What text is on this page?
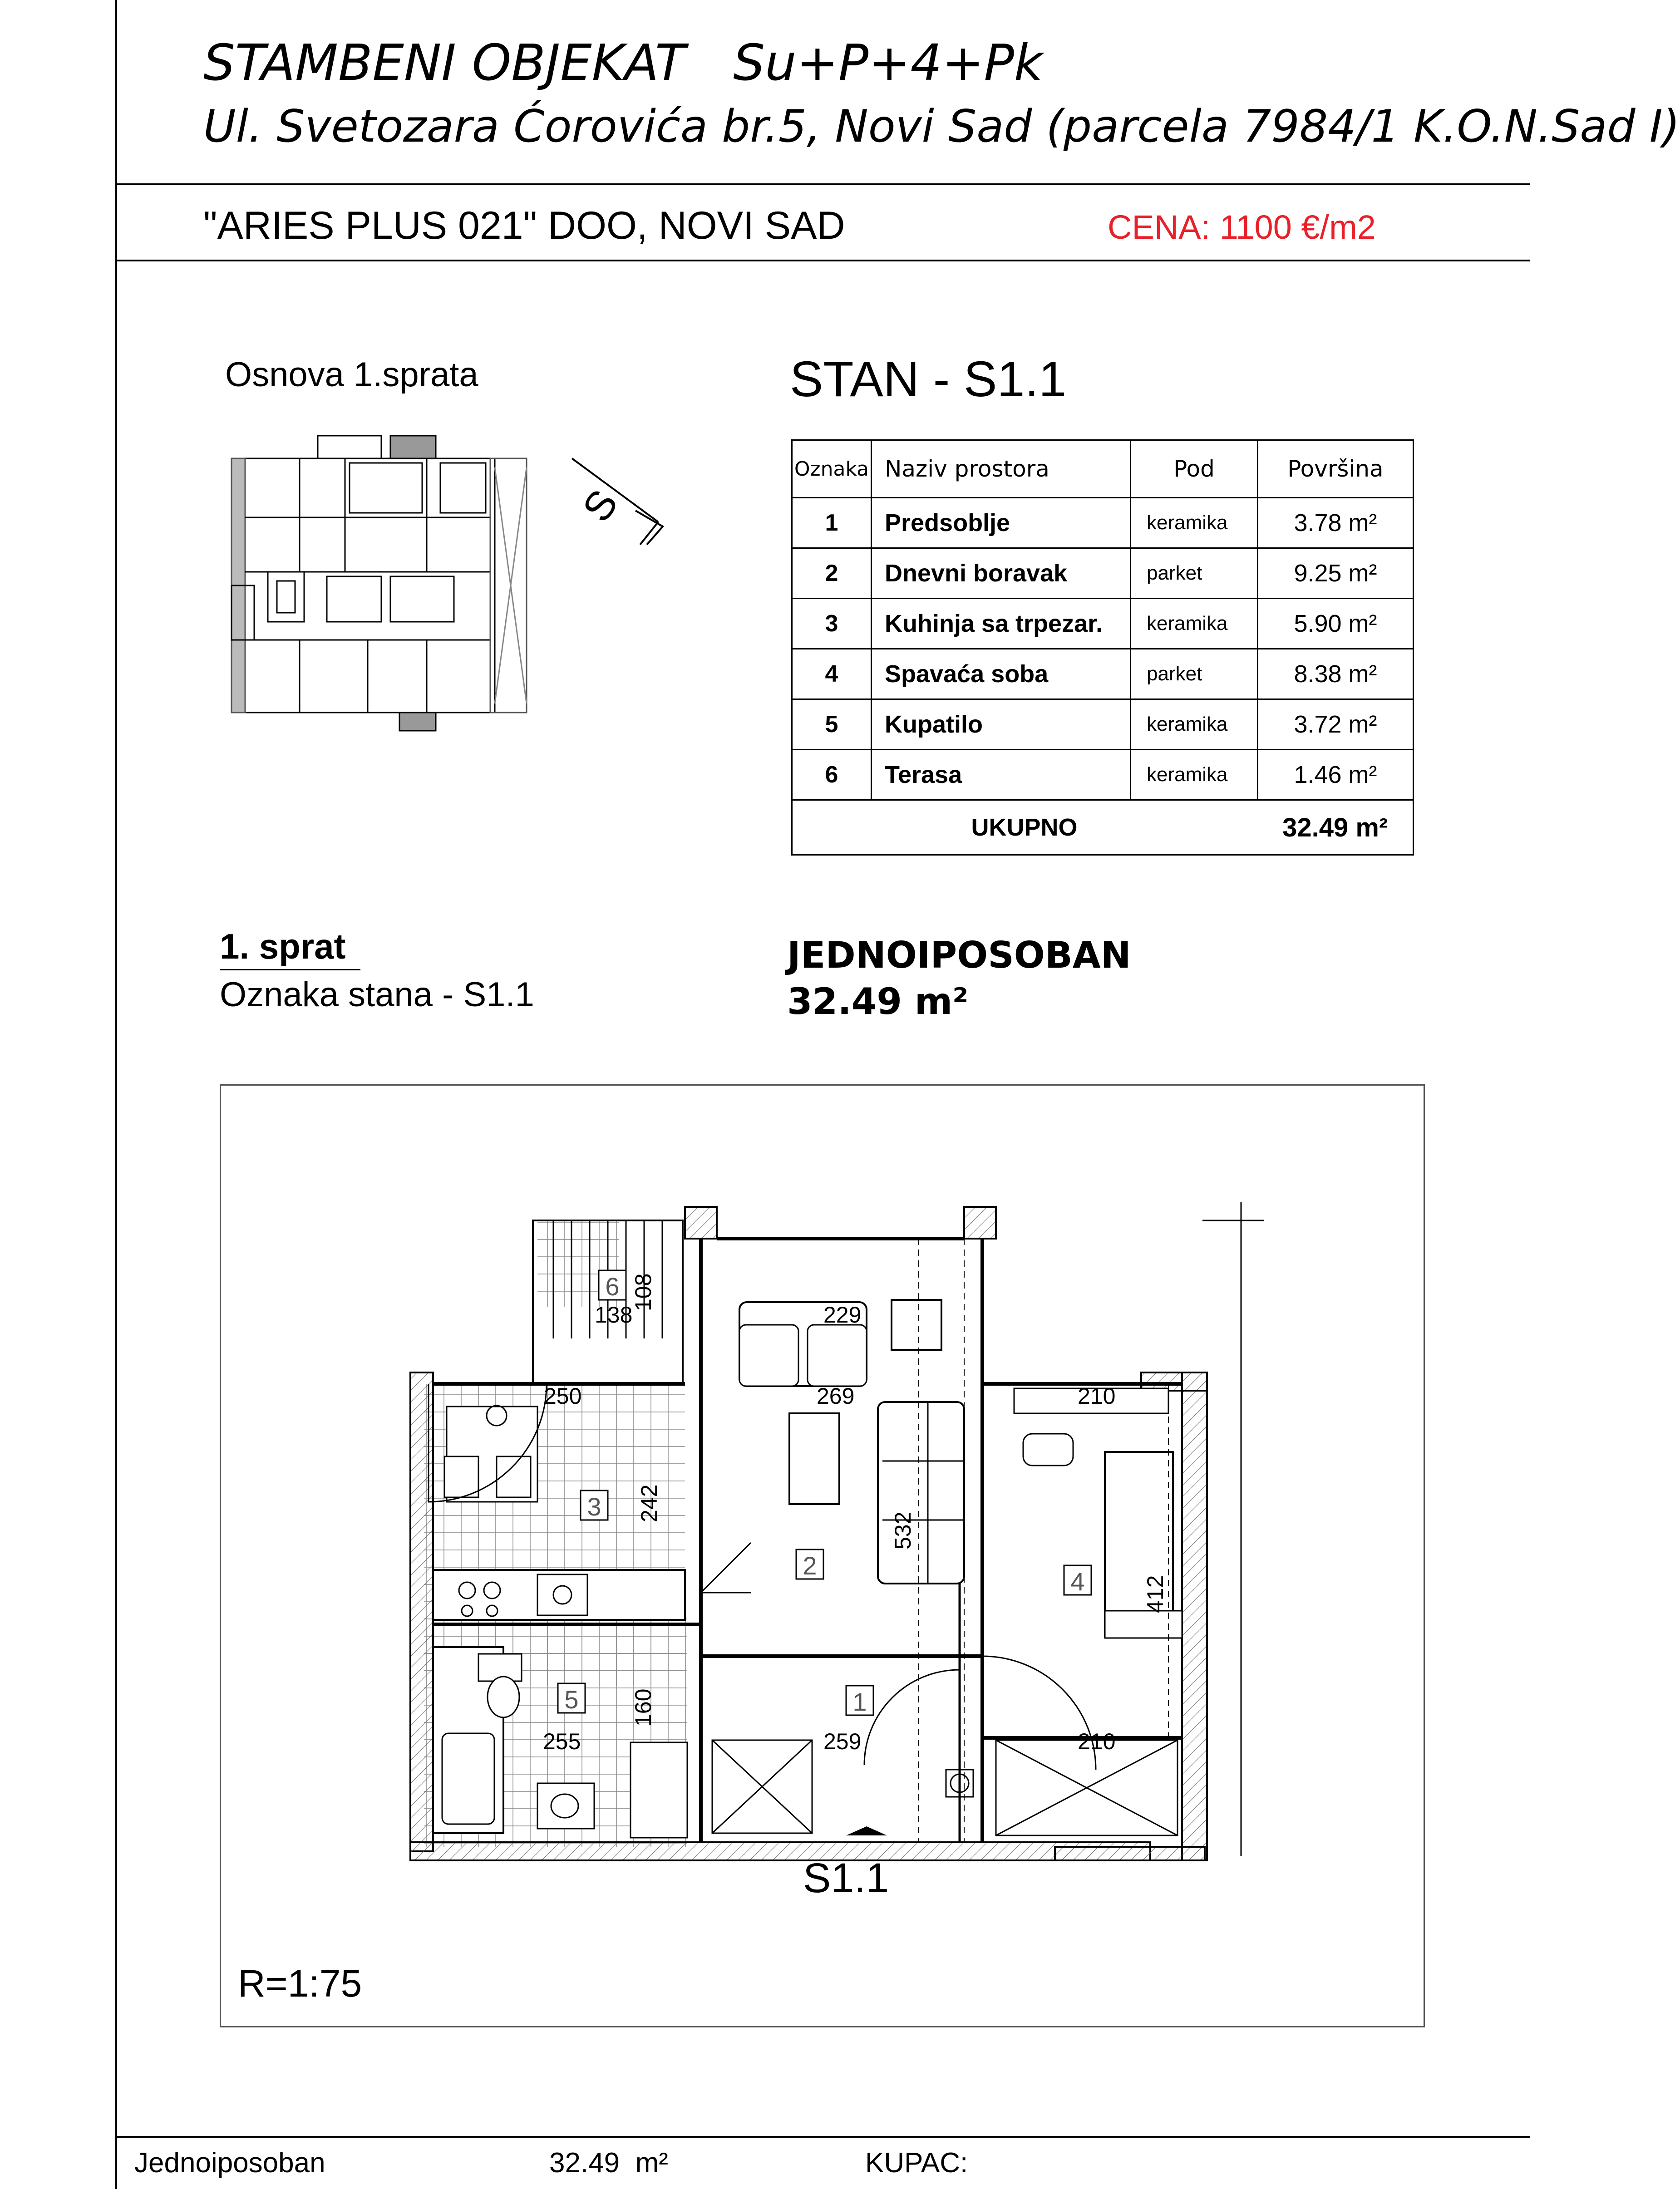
STAMBENI OBJEKAT   Su+P+4+Pk
Ul. Svetozara Ćorovića br.5, Novi Sad (parcela 7984/1 K.O.N.Sad I)
"ARIES PLUS 021" DOO, NOVI SAD	CENA: 1100 €/m2
Osnova 1.sprata
S
STAN - S1.1
Oznaka	Naziv prostora	Pod	Površina
1	Predsoblje	keramika	3.78 m²
2	Dnevni boravak	parket	9.25 m²
3	Kuhinja sa trpezar.	keramika	5.90 m²
4	Spavaća soba	parket	8.38 m²
5	Kupatilo	keramika	3.72 m²
6	Terasa	keramika	1.46 m²
	UKUPNO		32.49 m²
1. sprat
Oznaka stana - S1.1
JEDNOIPOSOBAN
32.49 m²
6
3
2
4
5	1
138
108
229
250	269	210
242
532
412
160
255	259	210
S1.1
R=1:75
Jednoiposoban	32.49  m²	KUPAC:
